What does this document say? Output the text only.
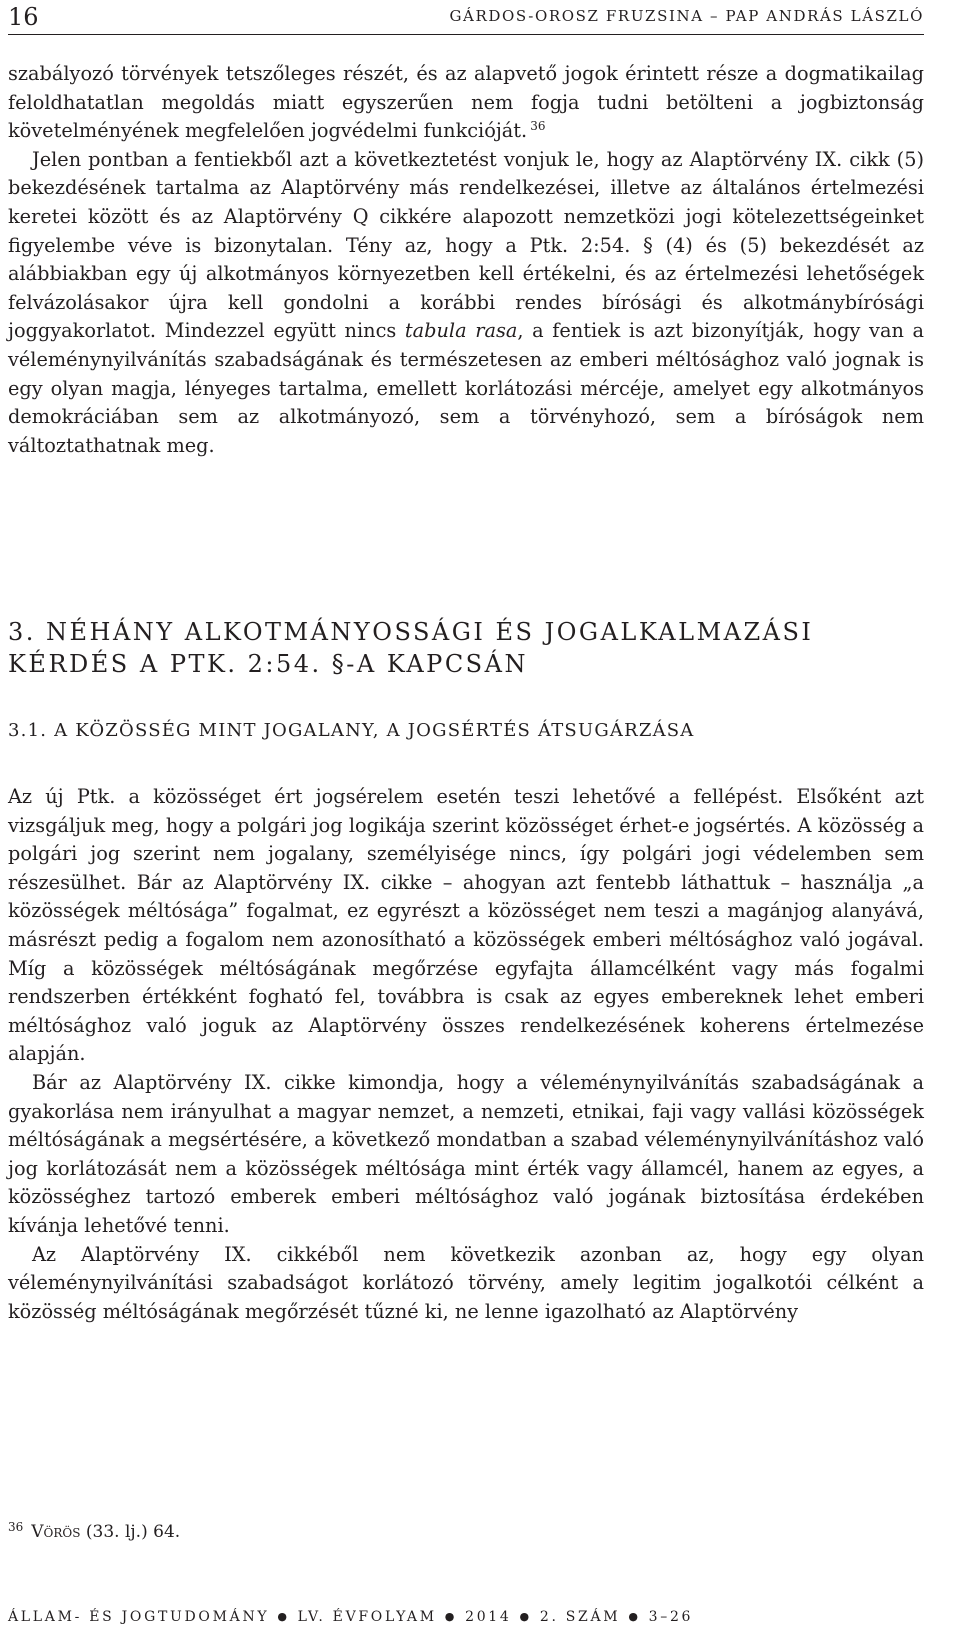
16	GÁRDOS-OROSZ FRUZSINA – PAP ANDRÁS LÁSZLÓ

szabályozó törvények tetszőleges részét, és az alapvető jogok érintett része a dogmatikailag feloldhatatlan megoldás miatt egyszerűen nem fogja tudni betölteni a jogbiztonság követelményének megfelelően jogvédelmi funkcióját. $^{36}$

Jelen pontban a fentiekből azt a következtetést vonjuk le, hogy az Alaptörvény IX. cikk (5) bekezdésének tartalma az Alaptörvény más rendelkezései, illetve az általános értelmezési keretei között és az Alaptörvény Q cikkére alapozott nemzetközi jogi kötelezettségeinket figyelembe véve is bizonytalan. Tény az, hogy a Ptk. 2:54. § (4) és (5) bekezdését az alábbiakban egy új alkotmányos környezetben kell értékelni, és az értelmezési lehetőségek felvázolásakor újra kell gondolni a korábbi rendes bírósági és alkotmánybírósági joggyakorlatot. Mindezzel együtt nincs tabula rasa, a fentiek is azt bizonyítják, hogy van a véleménynyilvánítás szabadságának és természetesen az emberi méltósághoz való jognak is egy olyan magja, lényeges tartalma, emellett korlátozási mércéje, amelyet egy alkotmányos demokráciában sem az alkotmányozó, sem a törvényhozó, sem a bíróságok nem változtathatnak meg.

3. NÉHÁNY ALKOTMÁNYOSSÁGI ÉS JOGALKALMAZÁSI
KÉRDÉS A PTK. 2:54. §-A KAPCSÁN
3.1. A KÖZÖSSÉG MINT JOGALANY, A JOGSÉRTÉS ÁTSUGÁRZÁSA

Az új Ptk. a közösséget ért jogsérelem esetén teszi lehetővé a fellépést. Elsőként azt vizsgáljuk meg, hogy a polgári jog logikája szerint közösséget érhet-e jogsértés. A közösség a polgári jog szerint nem jogalany, személyisége nincs, így polgári jogi védelemben sem részesülhet. Bár az Alaptörvény IX. cikke – ahogyan azt fentebb láthattuk – használja „a közösségek méltósága” fogalmat, ez egyrészt a közösséget nem teszi a magánjog alanyává, másrészt pedig a fogalom nem azonosítható a közösségek emberi méltósághoz való jogával. Míg a közösségek méltóságának megőrzése egyfajta államcélként vagy más fogalmi rendszerben értékként fogható fel, továbbra is csak az egyes embereknek lehet emberi méltósághoz való joguk az Alaptörvény összes rendelkezésének koherens értelmezése alapján.

Bár az Alaptörvény IX. cikke kimondja, hogy a véleménynyilvánítás szabadságának a gyakorlása nem irányulhat a magyar nemzet, a nemzeti, etnikai, faji vagy vallási közösségek méltóságának a megsértésére, a következő mondatban a szabad véleménynyilvánításhoz való jog korlátozását nem a közösségek méltósága mint érték vagy államcél, hanem az egyes, a közösséghez tartozó emberek emberi méltósághoz való jogának biztosítása érdekében kívánja lehetővé tenni.

Az Alaptörvény IX. cikkéből nem következik azonban az, hogy egy olyan véleménynyilvánítási szabadságot korlátozó törvény, amely legitim jogalkotói célként a közösség méltóságának megőrzését tűzné ki, ne lenne igazolható az Alaptörvény

$^{36}$ Vörös (33. lj.) 64.
ÁLLAM- ÉS JOGTUDOMÁNY ● LV. ÉVFOLYAM ● 2014 ● 2. SZÁM ● 3–26
